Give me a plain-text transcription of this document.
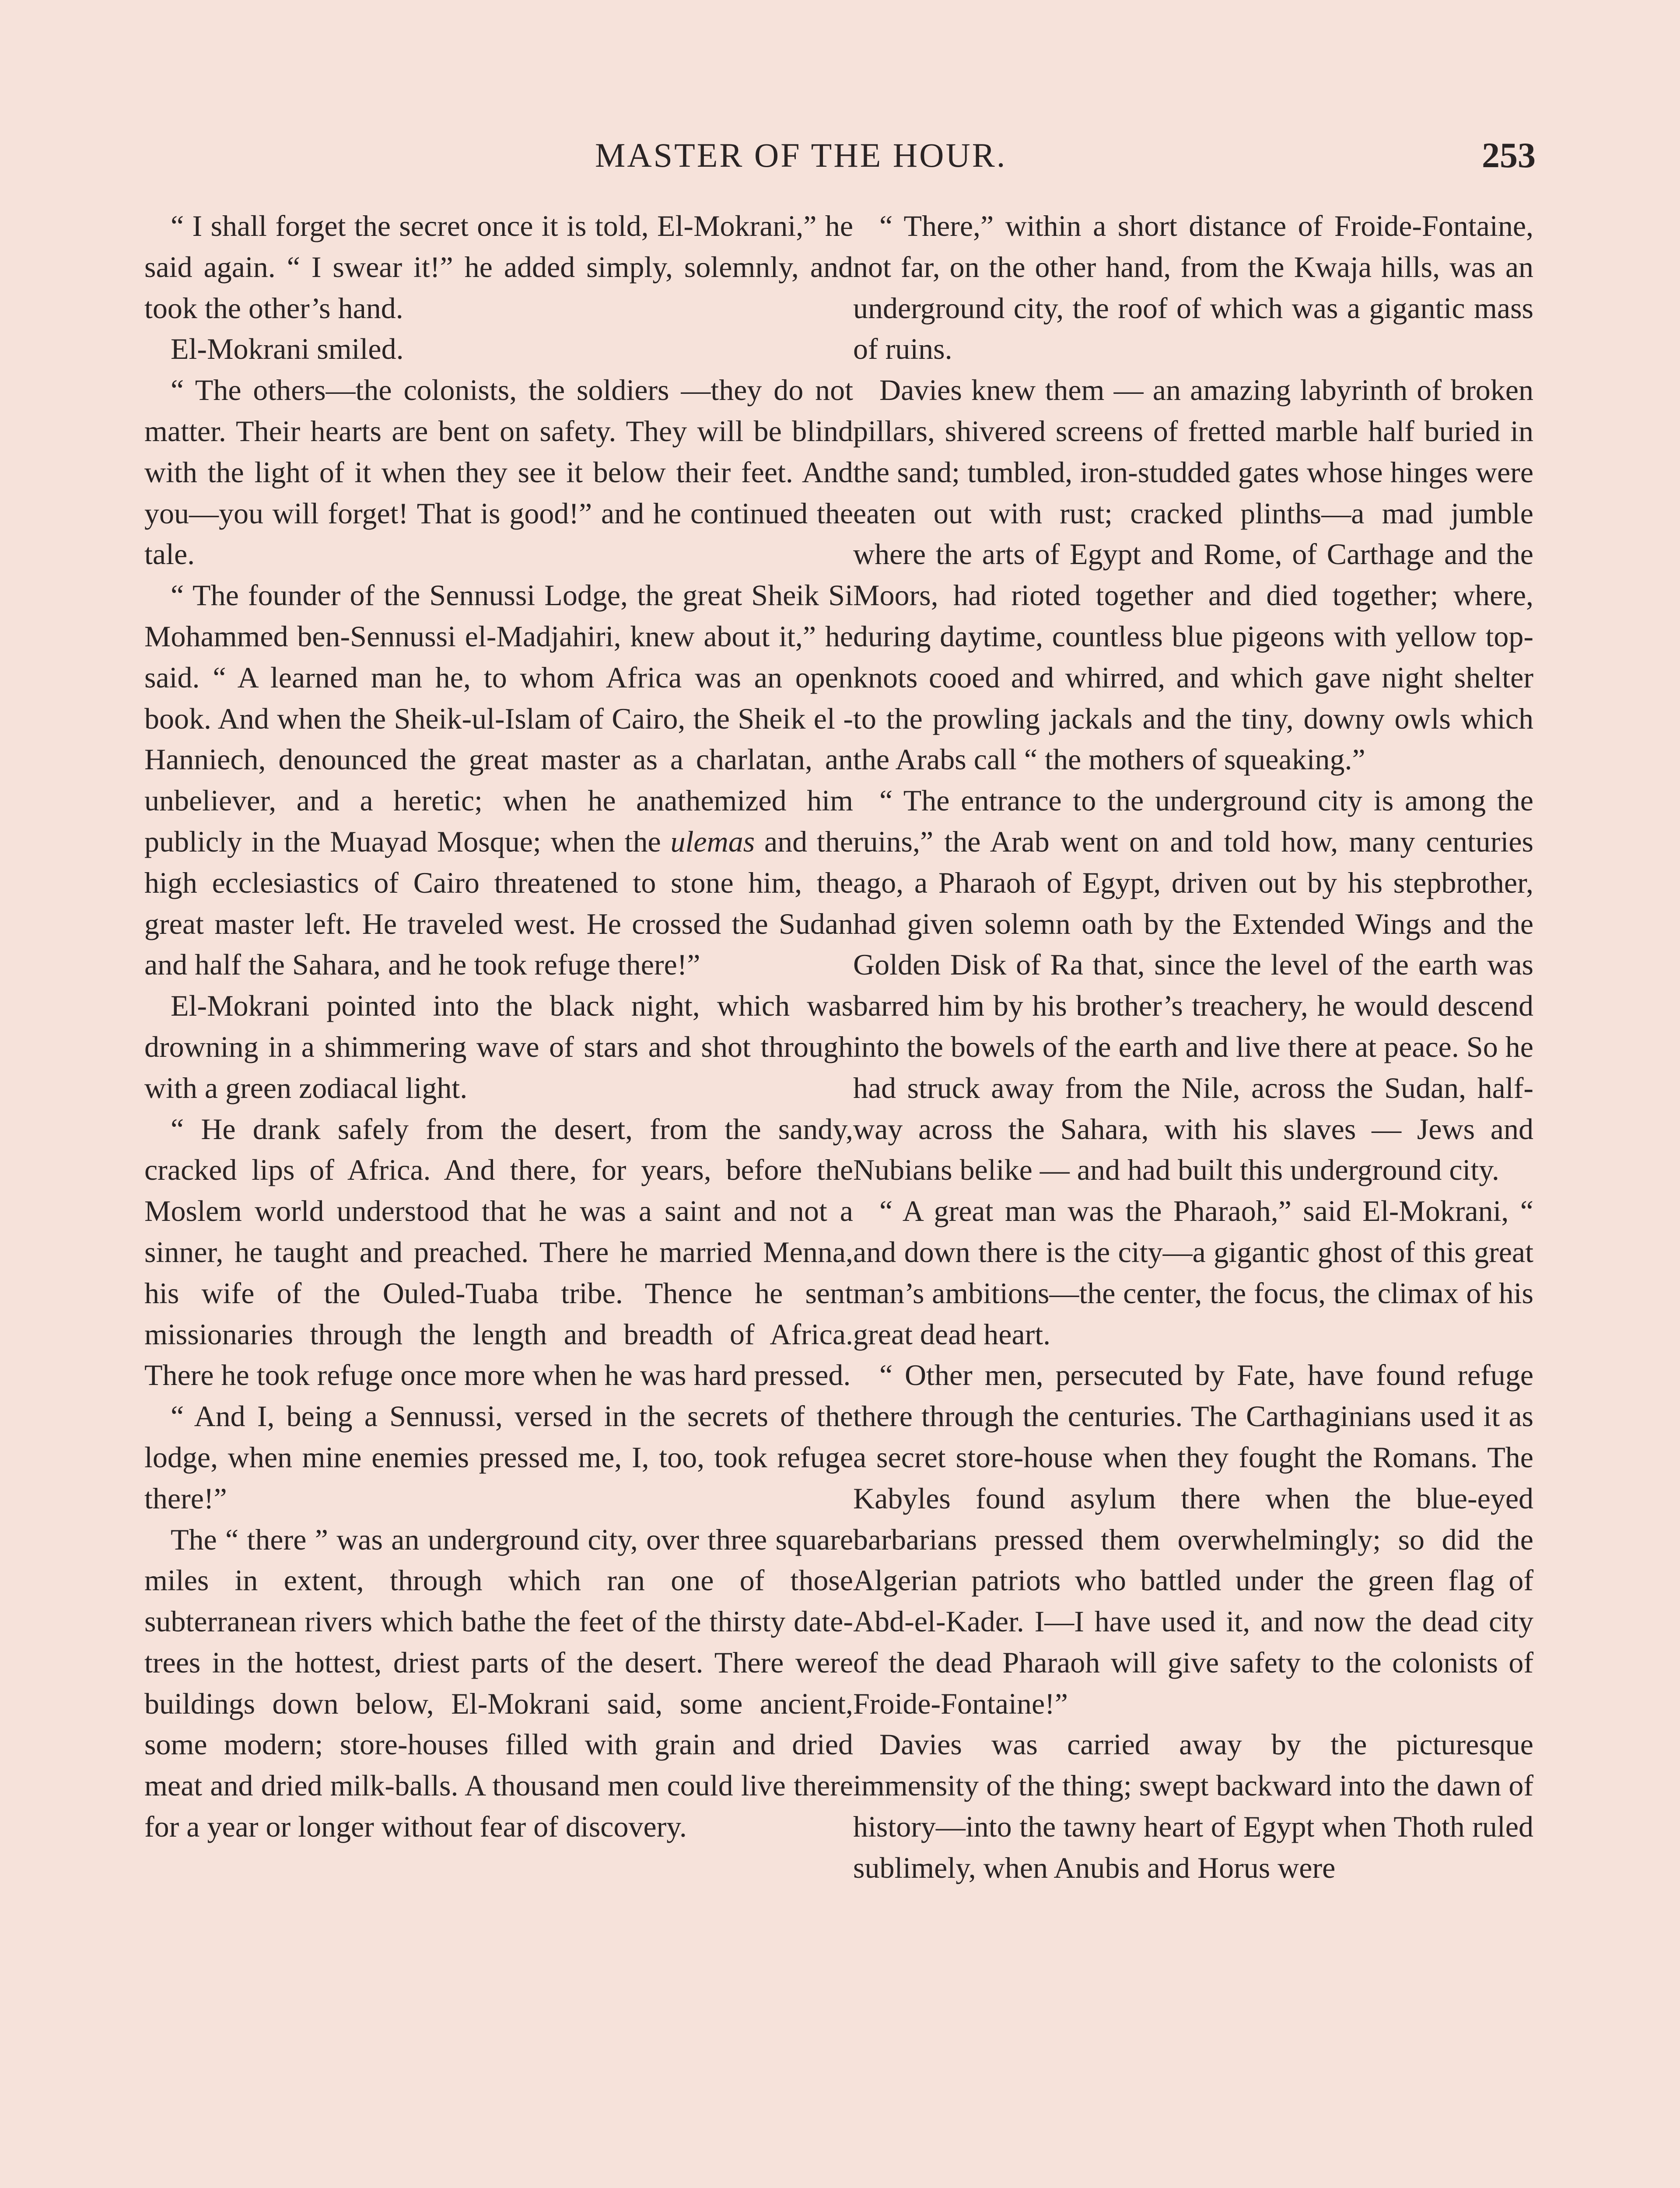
MASTER OF THE HOUR.	253

“ I shall forget the secret once it is told, El-Mokrani,” he said again. “ I swear it!” he added simply, solemnly, and took the other’s hand.

El-Mokrani smiled.

“ The others—the colonists, the soldiers —they do not matter. Their hearts are bent on safety. They will be blind with the light of it when they see it below their feet. And you—you will forget! That is good!” and he continued the tale.

“ The founder of the Sennussi Lodge, the great Sheik Si Mohammed ben-Sennussi el-Madjahiri, knew about it,” he said. “ A learned man he, to whom Africa was an open book. And when the Sheik-ul-Islam of Cairo, the Sheik el - Hanniech, denounced the great master as a charlatan, an unbeliever, and a heretic; when he anathemized him publicly in the Muayad Mosque; when the ulemas and the high ecclesiastics of Cairo threatened to stone him, the great master left. He traveled west. He crossed the Sudan and half the Sahara, and he took refuge there!”

El-Mokrani pointed into the black night, which was drowning in a shimmering wave of stars and shot through with a green zodiacal light.

“ He drank safely from the desert, from the sandy, cracked lips of Africa. And there, for years, before the Moslem world understood that he was a saint and not a sinner, he taught and preached. There he married Menna, his wife of the Ouled-Tuaba tribe. Thence he sent missionaries through the length and breadth of Africa. There he took refuge once more when he was hard pressed.

“ And I, being a Sennussi, versed in the secrets of the lodge, when mine enemies pressed me, I, too, took refuge there!”

The “ there ” was an underground city, over three square miles in extent, through which ran one of those subterranean rivers which bathe the feet of the thirsty date-trees in the hottest, driest parts of the desert. There were buildings down below, El-Mokrani said, some ancient, some modern; store-houses filled with grain and dried meat and dried milk-balls. A thousand men could live there for a year or longer without fear of discovery.

“ There,” within a short distance of Froide-Fontaine, not far, on the other hand, from the Kwaja hills, was an underground city, the roof of which was a gigantic mass of ruins.

Davies knew them — an amazing labyrinth of broken pillars, shivered screens of fretted marble half buried in the sand; tumbled, iron-studded gates whose hinges were eaten out with rust; cracked plinths—a mad jumble where the arts of Egypt and Rome, of Carthage and the Moors, had rioted together and died together; where, during daytime, countless blue pigeons with yellow top-knots cooed and whirred, and which gave night shelter to the prowling jackals and the tiny, downy owls which the Arabs call “ the mothers of squeaking.”

“ The entrance to the underground city is among the ruins,” the Arab went on and told how, many centuries ago, a Pharaoh of Egypt, driven out by his stepbrother, had given solemn oath by the Extended Wings and the Golden Disk of Ra that, since the level of the earth was barred him by his brother’s treachery, he would descend into the bowels of the earth and live there at peace. So he had struck away from the Nile, across the Sudan, half-way across the Sahara, with his slaves — Jews and Nubians belike — and had built this underground city.

“ A great man was the Pharaoh,” said El-Mokrani, “ and down there is the city—a gigantic ghost of this great man’s ambitions—the center, the focus, the climax of his great dead heart.

“ Other men, persecuted by Fate, have found refuge there through the centuries. The Carthaginians used it as a secret store-house when they fought the Romans. The Kabyles found asylum there when the blue-eyed barbarians pressed them overwhelmingly; so did the Algerian patriots who battled under the green flag of Abd-el-Kader. I—I have used it, and now the dead city of the dead Pharaoh will give safety to the colonists of Froide-Fontaine!”

Davies was carried away by the picturesque immensity of the thing; swept backward into the dawn of history—into the tawny heart of Egypt when Thoth ruled sublimely, when Anubis and Horus were
